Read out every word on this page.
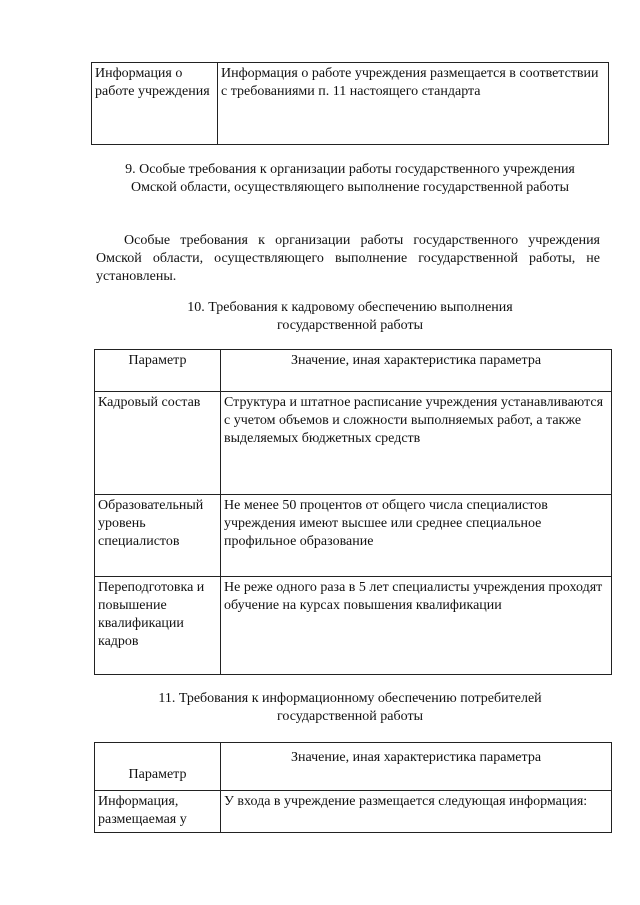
Информация о работе учреждения	Информация о работе учреждения размещается в соответствии с требованиями п. 11 настоящего стандарта
9. Особые требования к организации работы государственного учреждения Омской области, осуществляющего выполнение государственной работы
Особые требования к организации работы государственного учреждения Омской области, осуществляющего выполнение государственной работы, не установлены.
10. Требования к кадровому обеспечению выполнения государственной работы
Параметр	Значение, иная характеристика параметра
Кадровый состав	Структура и штатное расписание учреждения устанавливаются с учетом объемов и сложности выполняемых работ, а также выделяемых бюджетных средств
Образовательный уровень специалистов	Не менее 50 процентов от общего числа специалистов учреждения имеют высшее или среднее специальное профильное образование
Переподготовка и повышение квалификации кадров	Не реже одного раза в 5 лет специалисты учреждения проходят обучение на курсах повышения квалификации
11. Требования к информационному обеспечению потребителей государственной работы
Параметр	Значение, иная характеристика параметра
Информация, размещаемая у	У входа в учреждение размещается следующая информация:
